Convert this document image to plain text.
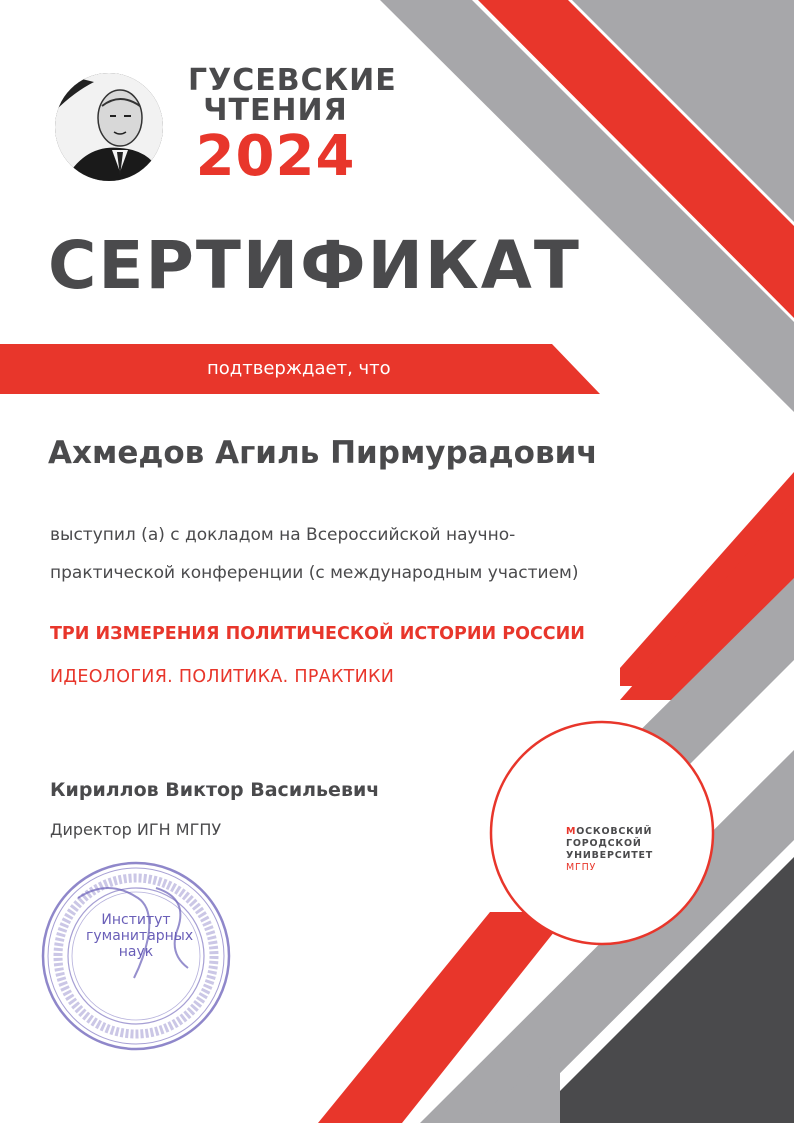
ГУСЕВСКИЕ
ЧТЕНИЯ
2024
СЕРТИФИКАТ
подтверждает, что
Ахмедов Агиль Пирмурадович
выступил (а) с докладом на Всероссийской научно-
практической конференции (с международным участием)
ТРИ ИЗМЕРЕНИЯ ПОЛИТИЧЕСКОЙ ИСТОРИИ РОССИИ
ИДЕОЛОГИЯ. ПОЛИТИКА. ПРАКТИКИ
Кириллов Виктор Васильевич
Директор ИГН МГПУ	МОСКОВСКИЙ
ГОРОДСКОЙ
УНИВЕРСИТЕТ
МГПУ
Институт
гуманитарных
наук
